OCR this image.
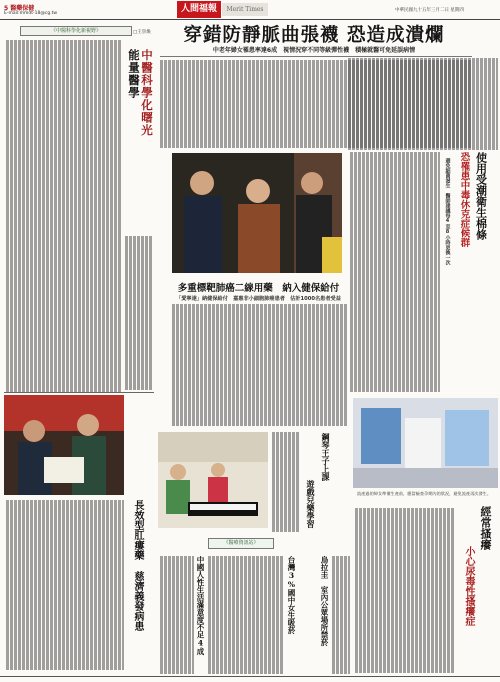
5 醫藥保健
E-mail:mmdt-18@cg.tw	人間福報	Merit Times	中華民國九十五年三月二日 星期四
《中醫科學化新視野》	□王崇煥
能量醫學 中醫科學化曙光
長效型肛瘻藥 慈濟義發病患
穿錯防靜脈曲張襪 恐造成潰爛
中老年婦女罹患率達6成　視情況穿不同等級彈性襪　積極就醫可免延誤病情
多重標靶肺癌二線用藥　納入健保給付
「愛寧達」納健保給付　嘉惠非小細胞肺癌患者　估計1000名患者受益
使用受潮衛生棉條
恐罹患中毒休克症候群
避免細菌滋生　醫師建議每4至8小時更換一次
流產過的婦女準備生產前，應當檢查孕期內的狀況，避免流產再次發生。
經常搔癢
小心尿毒性搔癢症
鋼琴王子上課
遊戲兒樂學習
《醫療資訊站》
台灣3%國中女生吸菸
中國人性生活滿意度不足4成	烏拉圭　室內公眾場所禁菸
